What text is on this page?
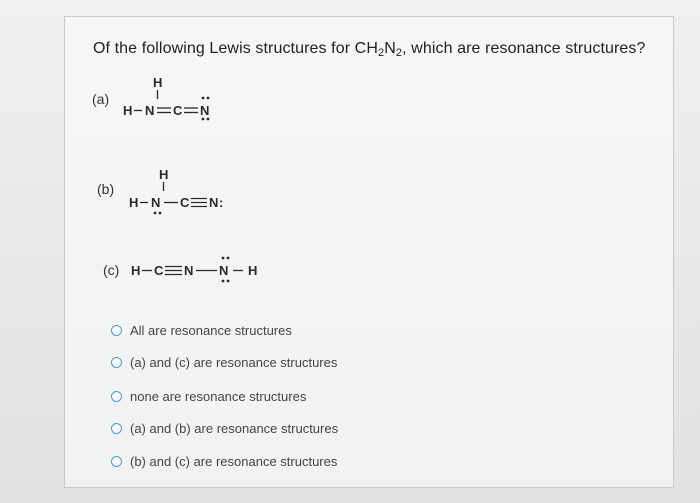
Of the following Lewis structures for $CH_2N_2$, which are resonance structures?
(a)
H
H N C N
(b)
H
H N C N :
(c) H C N N H
All are resonance structures
(a) and (c) are resonance structures
none are resonance structures
(a) and (b) are resonance structures
(b) and (c) are resonance structures
